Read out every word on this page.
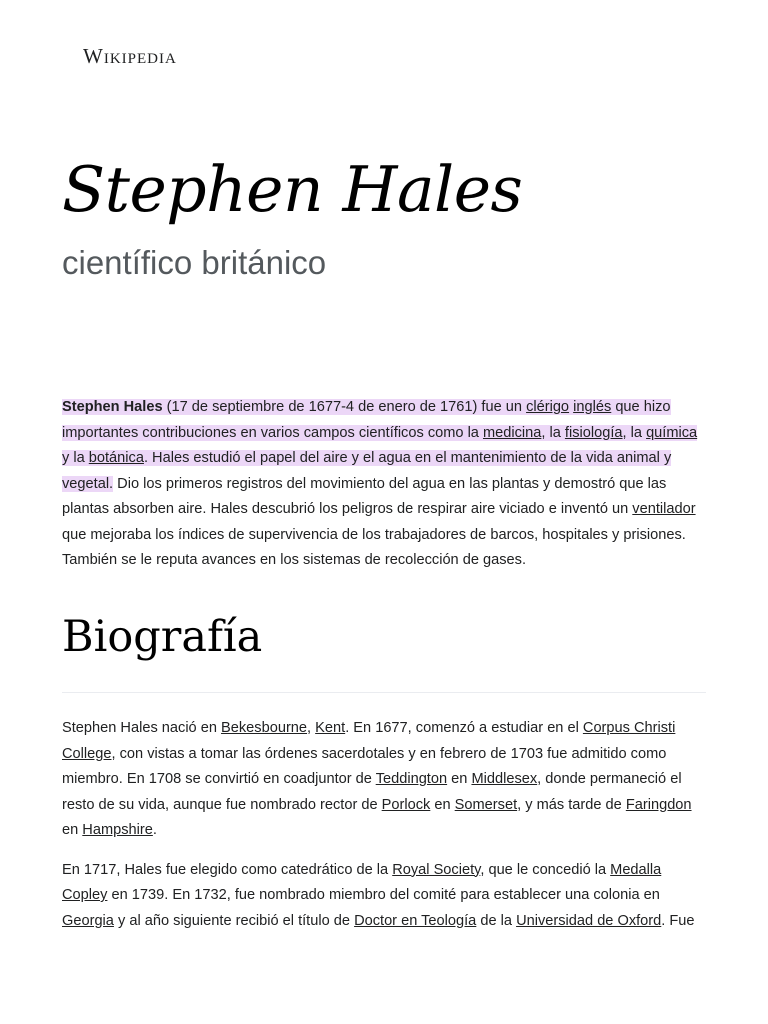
Wikipedia
Stephen Hales
científico británico

Stephen Hales (17 de septiembre de 1677-4 de enero de 1761) fue un clérigo inglés que hizo importantes contribuciones en varios campos científicos como la medicina, la fisiología, la química y la botánica. Hales estudió el papel del aire y el agua en el mantenimiento de la vida animal y vegetal. Dio los primeros registros del movimiento del agua en las plantas y demostró que las plantas absorben aire. Hales descubrió los peligros de respirar aire viciado e inventó un ventilador que mejoraba los índices de supervivencia de los trabajadores de barcos, hospitales y prisiones. También se le reputa avances en los sistemas de recolección de gases.

Biografía

Stephen Hales nació en Bekesbourne, Kent. En 1677, comenzó a estudiar en el Corpus Christi College, con vistas a tomar las órdenes sacerdotales y en febrero de 1703 fue admitido como miembro. En 1708 se convirtió en coadjuntor de Teddington en Middlesex, donde permaneció el resto de su vida, aunque fue nombrado rector de Porlock en Somerset, y más tarde de Faringdon en Hampshire.

En 1717, Hales fue elegido como catedrático de la Royal Society, que le concedió la Medalla Copley en 1739. En 1732, fue nombrado miembro del comité para establecer una colonia en Georgia y al año siguiente recibió el título de Doctor en Teología de la Universidad de Oxford. Fue
